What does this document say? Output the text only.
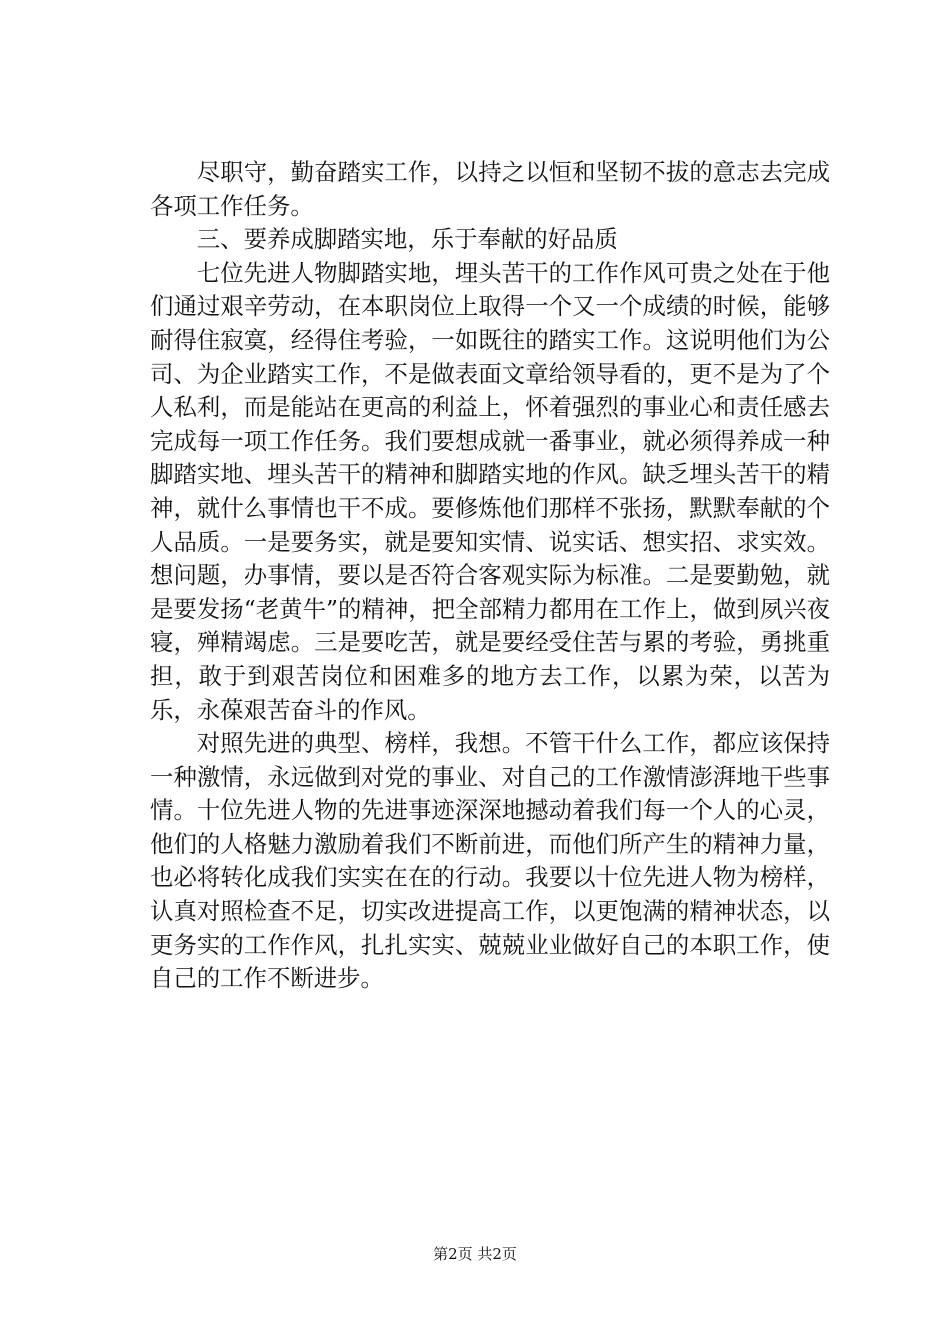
尽职守，勤奋踏实工作，以持之以恒和坚韧不拔的意志去完成各项工作任务。

三、要养成脚踏实地，乐于奉献的好品质

七位先进人物脚踏实地，埋头苦干的工作作风可贵之处在于他们通过艰辛劳动，在本职岗位上取得一个又一个成绩的时候，能够耐得住寂寞，经得住考验，一如既往的踏实工作。这说明他们为公司、为企业踏实工作，不是做表面文章给领导看的，更不是为了个人私利，而是能站在更高的利益上，怀着强烈的事业心和责任感去完成每一项工作任务。我们要想成就一番事业，就必须得养成一种脚踏实地、埋头苦干的精神和脚踏实地的作风。缺乏埋头苦干的精神，就什么事情也干不成。要修炼他们那样不张扬，默默奉献的个人品质。一是要务实，就是要知实情、说实话、想实招、求实效。想问题，办事情，要以是否符合客观实际为标准。二是要勤勉，就是要发扬“老黄牛”的精神，把全部精力都用在工作上，做到夙兴夜寝，殚精竭虑。三是要吃苦，就是要经受住苦与累的考验，勇挑重担，敢于到艰苦岗位和困难多的地方去工作，以累为荣，以苦为乐，永葆艰苦奋斗的作风。

对照先进的典型、榜样，我想。不管干什么工作，都应该保持一种激情，永远做到对党的事业、对自己的工作激情澎湃地干些事情。十位先进人物的先进事迹深深地撼动着我们每一个人的心灵，他们的人格魅力激励着我们不断前进，而他们所产生的精神力量，也必将转化成我们实实在在的行动。我要以十位先进人物为榜样，认真对照检查不足，切实改进提高工作，以更饱满的精神状态，以更务实的工作作风，扎扎实实、兢兢业业做好自己的本职工作，使自己的工作不断进步。

第2页 共2页
